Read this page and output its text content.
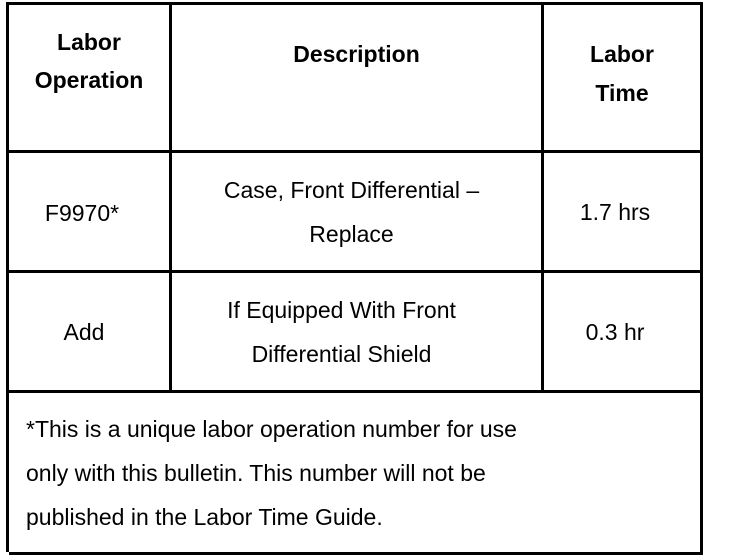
Labor
Operation
Description	Labor
Time
F9970*
Case, Front Differential –
Replace
1.7 hrs
Add
If Equipped With Front
Differential Shield
0.3 hr
*This is a unique labor operation number for use
only with this bulletin. This number will not be
published in the Labor Time Guide.
